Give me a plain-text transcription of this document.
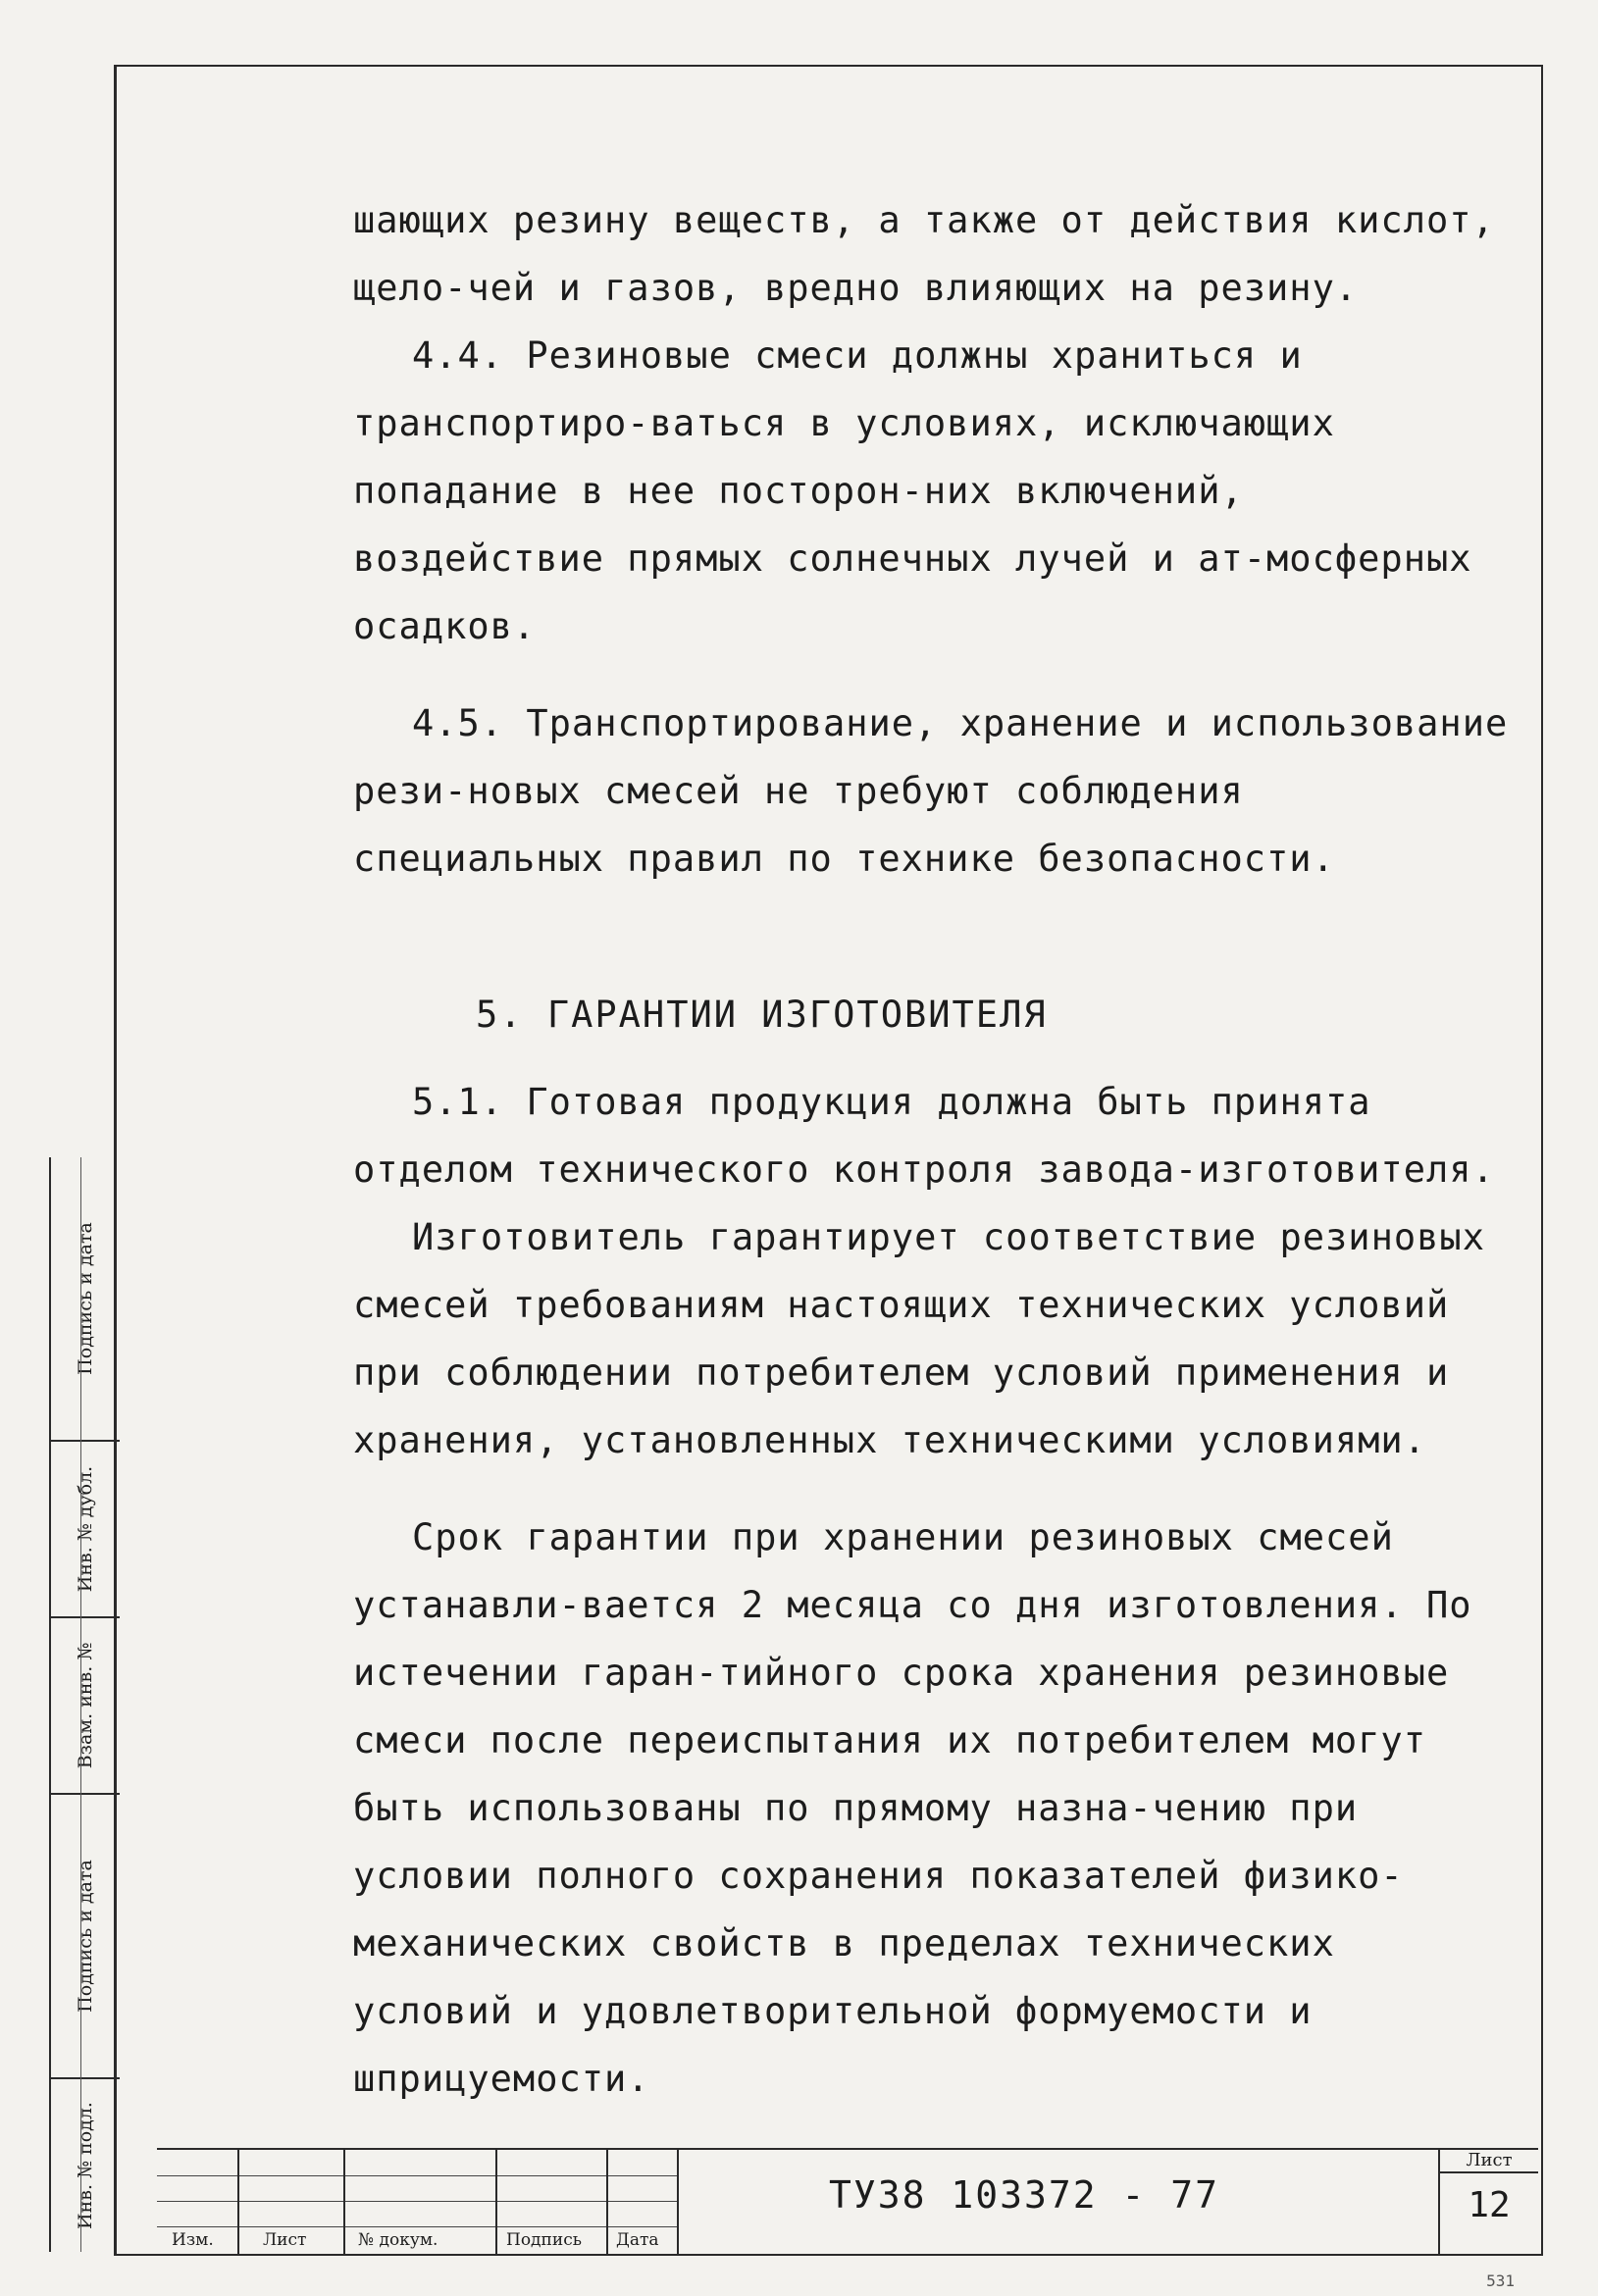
шающих резину веществ, а также от действия кислот, щело-чей и газов, вредно влияющих на резину.

4.4. Резиновые смеси должны храниться и транспортиро-ваться в условиях, исключающих попадание в нее посторон-них включений, воздействие прямых солнечных лучей и ат-мосферных осадков.

4.5. Транспортирование, хранение и использование рези-новых смесей не требуют соблюдения специальных правил по технике безопасности.

5. ГАРАНТИИ ИЗГОТОВИТЕЛЯ

5.1. Готовая продукция должна быть принята отделом технического контроля завода-изготовителя.

Изготовитель гарантирует соответствие резиновых смесей требованиям настоящих технических условий при соблюдении потребителем условий применения и хранения, установленных техническими условиями.

Срок гарантии при хранении резиновых смесей устанавли-вается 2 месяца со дня изготовления. По истечении гаран-тийного срока хранения резиновые смеси после переиспытания их потребителем могут быть использованы по прямому назна-чению при условии полного сохранения показателей физико-механических свойств в пределах технических условий и удовлетворительной формуемости и шприцуемости.

Подпись и дата
Инв. № дубл.
Взам. инв. №
Подпись и дата
Инв. № подл.
Изм.	Лист	№ докум.	Подпись Дата
ТУ38 103372 - 77
Лист
12
531
